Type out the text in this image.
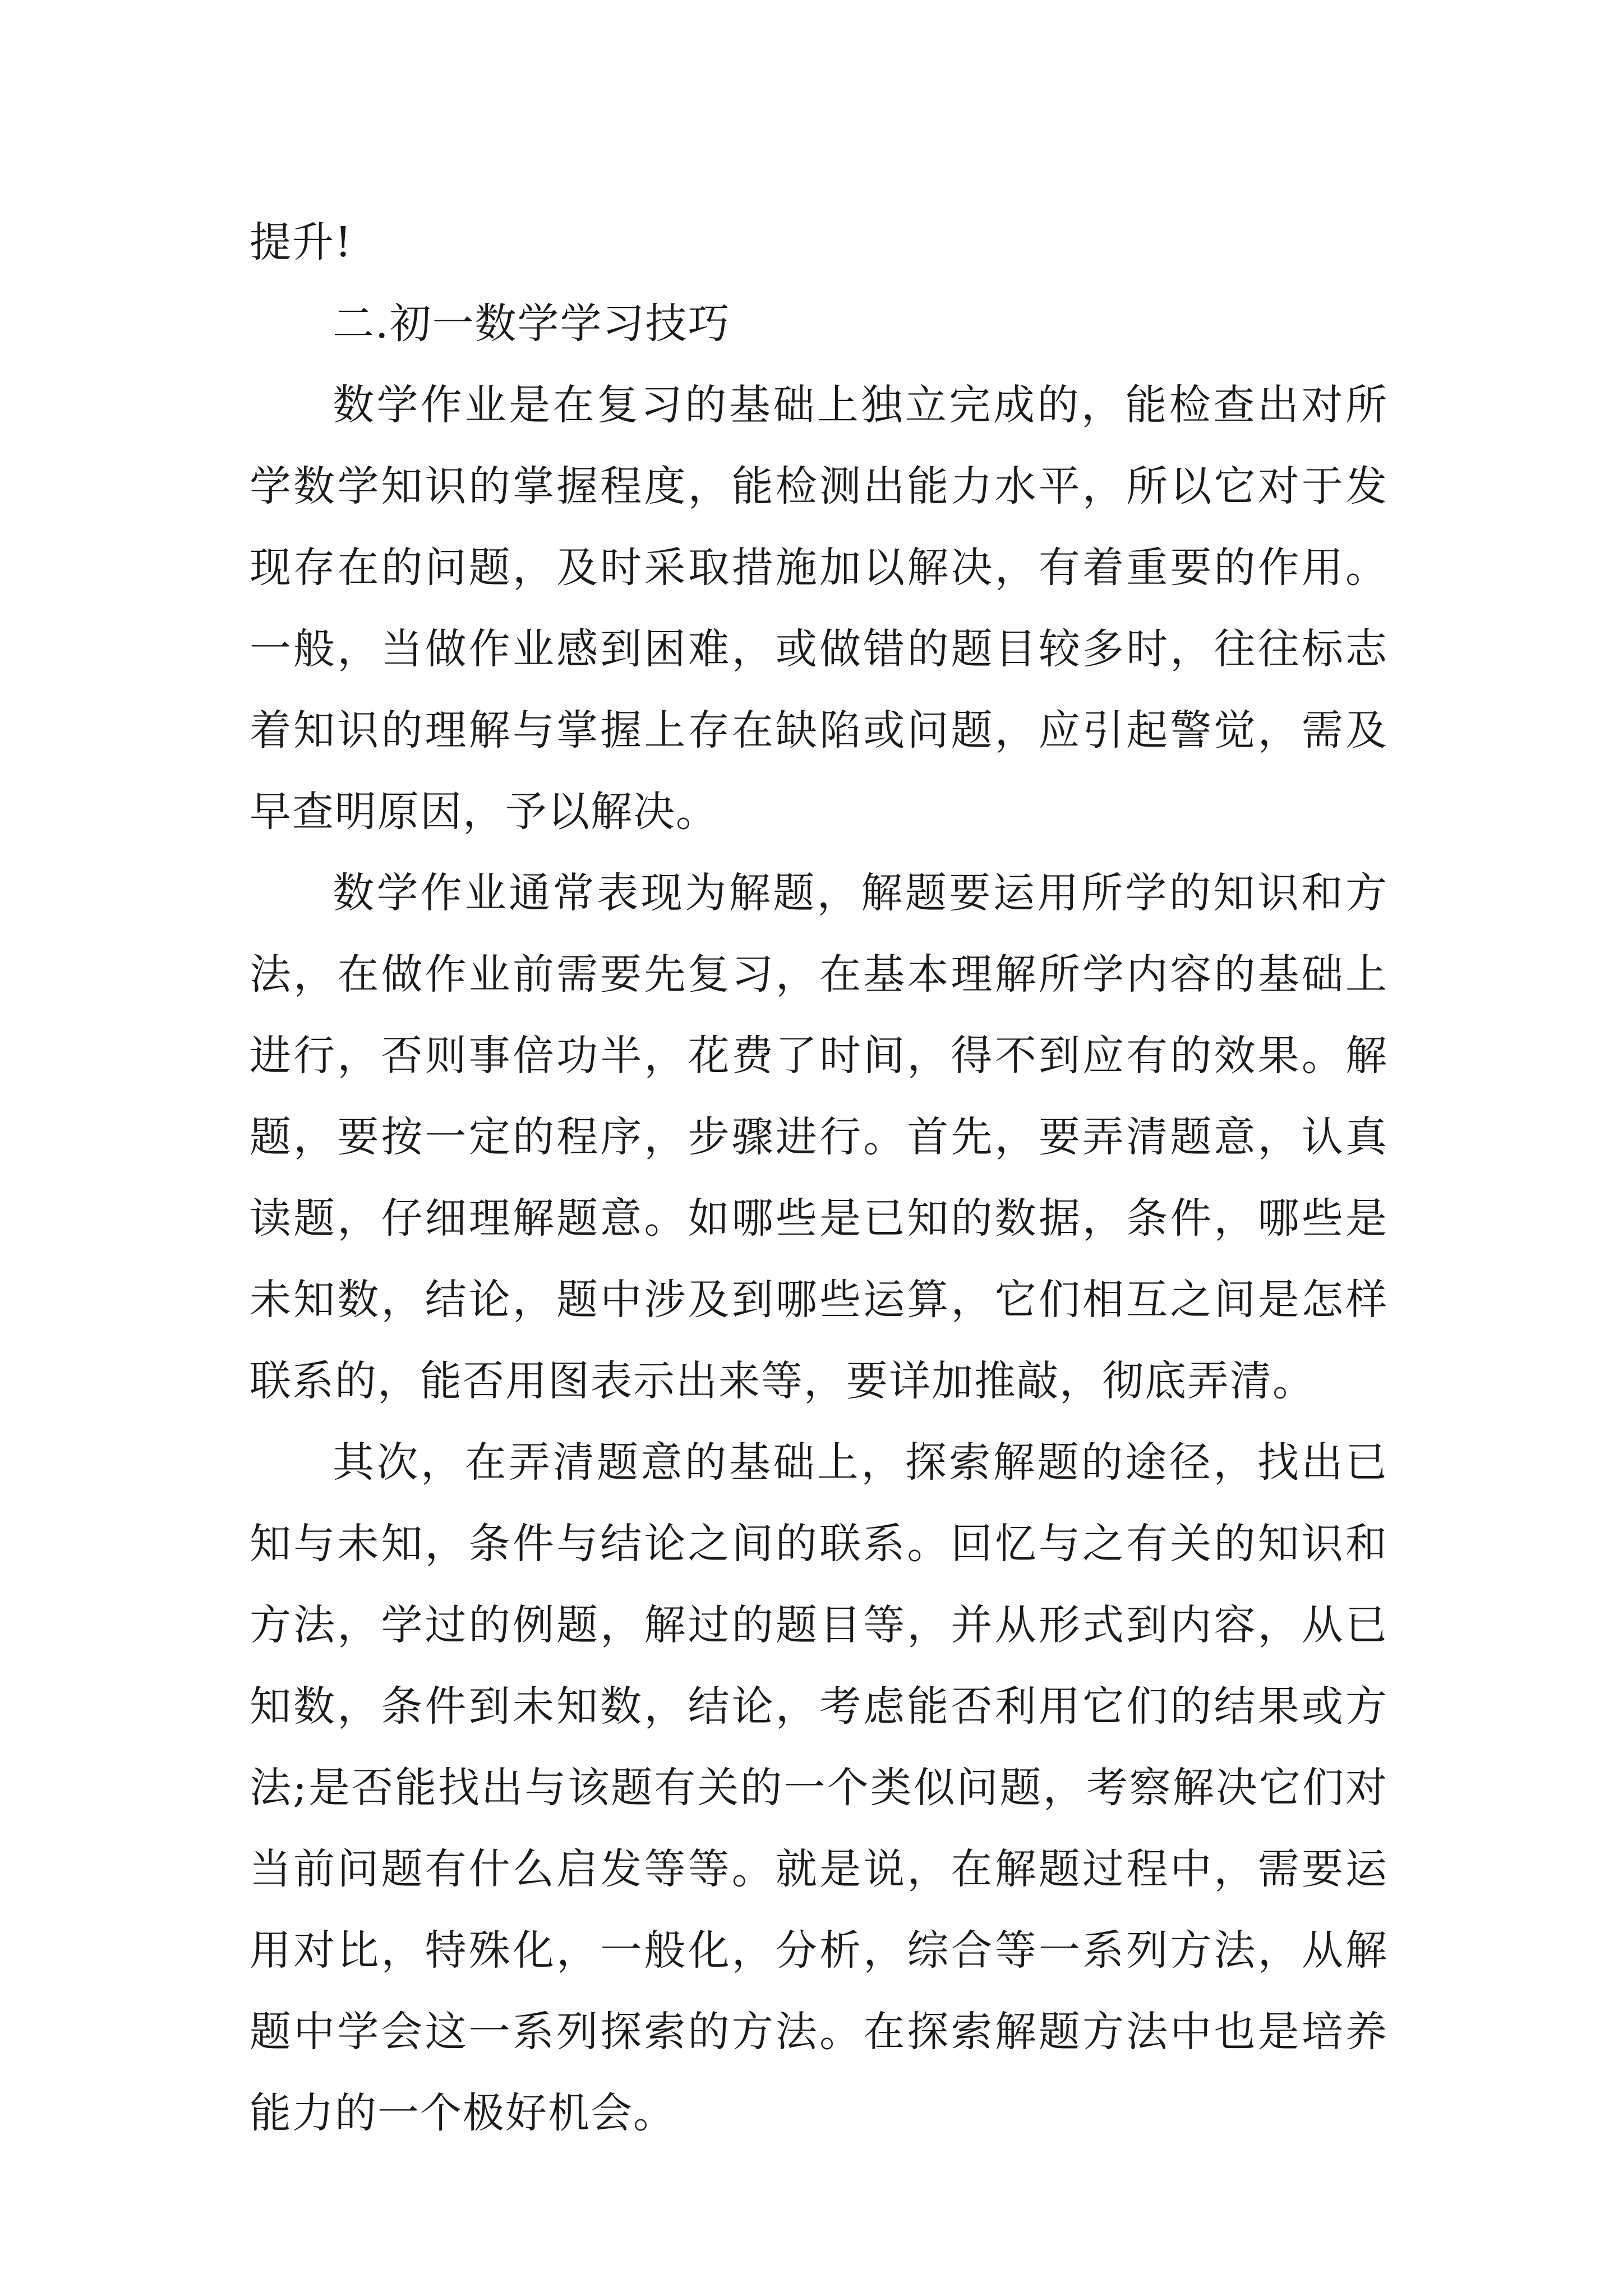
提升!

二.初一数学学习技巧

数学作业是在复习的基础上独立完成的，能检查出对所学数学知识的掌握程度，能检测出能力水平，所以它对于发现存在的问题，及时采取措施加以解决，有着重要的作用。一般，当做作业感到困难，或做错的题目较多时，往往标志着知识的理解与掌握上存在缺陷或问题，应引起警觉，需及早查明原因，予以解决。

数学作业通常表现为解题，解题要运用所学的知识和方法，在做作业前需要先复习，在基本理解所学内容的基础上进行，否则事倍功半，花费了时间，得不到应有的效果。解题，要按一定的程序，步骤进行。首先，要弄清题意，认真读题，仔细理解题意。如哪些是已知的数据，条件，哪些是未知数，结论，题中涉及到哪些运算，它们相互之间是怎样联系的，能否用图表示出来等，要详加推敲，彻底弄清。

其次，在弄清题意的基础上，探索解题的途径，找出已知与未知，条件与结论之间的联系。回忆与之有关的知识和方法，学过的例题，解过的题目等，并从形式到内容，从已知数，条件到未知数，结论，考虑能否利用它们的结果或方法;是否能找出与该题有关的一个类似问题，考察解决它们对当前问题有什么启发等等。就是说，在解题过程中，需要运用对比，特殊化，一般化，分析，综合等一系列方法，从解题中学会这一系列探索的方法。在探索解题方法中也是培养能力的一个极好机会。
